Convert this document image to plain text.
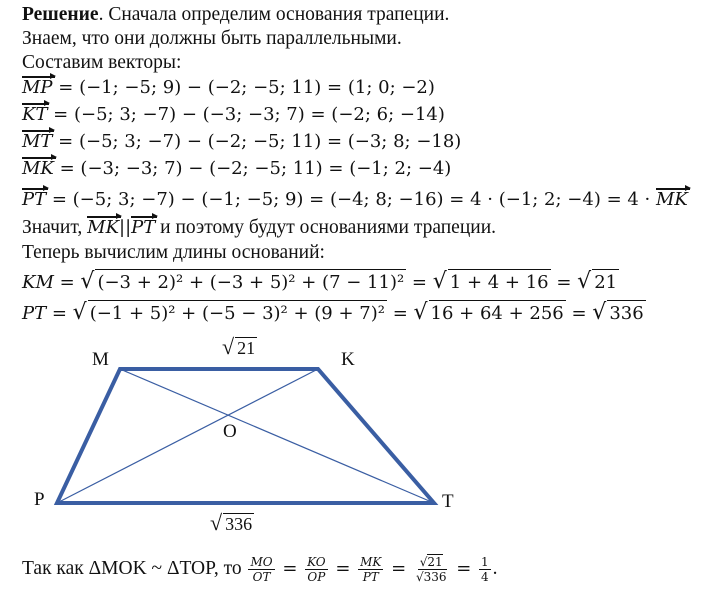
Решение. Сначала определим основания трапеции.
Знаем, что они должны быть параллельными.
Составим векторы:
MP = (−1; −5; 9) − (−2; −5; 11) = (1; 0; −2)
KT = (−5; 3; −7) − (−3; −3; 7) = (−2; 6; −14)
MT = (−5; 3; −7) − (−2; −5; 11) = (−3; 8; −18)
MK = (−3; −3; 7) − (−2; −5; 11) = (−1; 2; −4)
PT = (−5; 3; −7) − (−1; −5; 9) = (−4; 8; −16) = 4 · (−1; 2; −4) = 4 · MK
Значит, MK||PT и поэтому будут основаниями трапеции.
Теперь вычислим длины оснований:
KM = √ (−3 + 2)² + (−3 + 5)² + (7 − 11)² = √ 1 + 4 + 16 = √ 21
PT = √ (−1 + 5)² + (−5 − 3)² + (9 + 7)² = √ 16 + 64 + 256 = √ 336
M	K
P	T
O
√ 21
√ 336
Так как ΔMOK ~ ΔTOP, то $\frac{MO}{OT} = \frac{KO}{OP} = \frac{MK}{PT} = \frac{√21}{√336} = \frac{1}{4}$ .
